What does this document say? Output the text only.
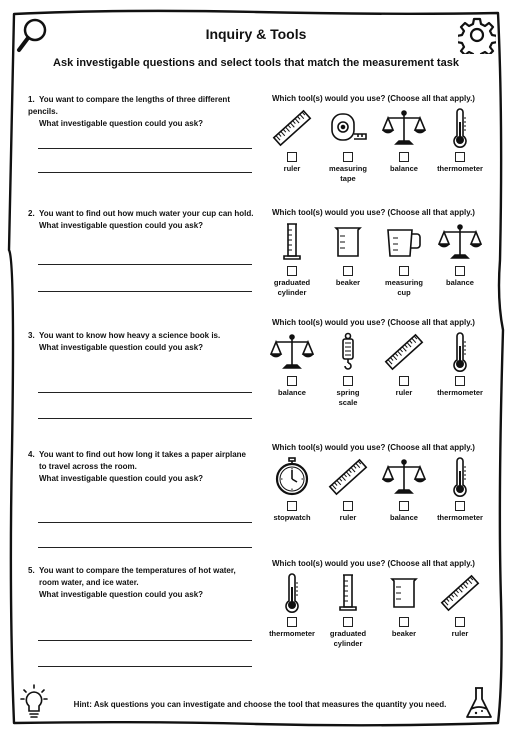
Inquiry & Tools
Ask investigable questions and select tools that match the measurement task
1. You want to compare the lengths of three different pencils.
What investigable question could you ask?
Which tool(s) would you use? (Choose all that apply.)
ruler	measuring
tape
balance	thermometer
2. You want to find out how much water your cup can hold.
What investigable question could you ask?
Which tool(s) would you use? (Choose all that apply.)
graduated
cylinder
beaker	measuring
cup
balance
3. You want to know how heavy a science book is.
What investigable question could you ask?
Which tool(s) would you use? (Choose all that apply.)
balance	spring
scale
ruler	thermometer
4. You want to find out how long it takes a paper airplane
to travel across the room.
What investigable question could you ask?
Which tool(s) would you use? (Choose all that apply.)
stopwatch	ruler	balance	thermometer
5. You want to compare the temperatures of hot water,
room water, and ice water.
What investigable question could you ask?
Which tool(s) would you use? (Choose all that apply.)
thermometer	graduated
cylinder
beaker	ruler
Hint: Ask questions you can investigate and choose the tool that measures the quantity you need.
